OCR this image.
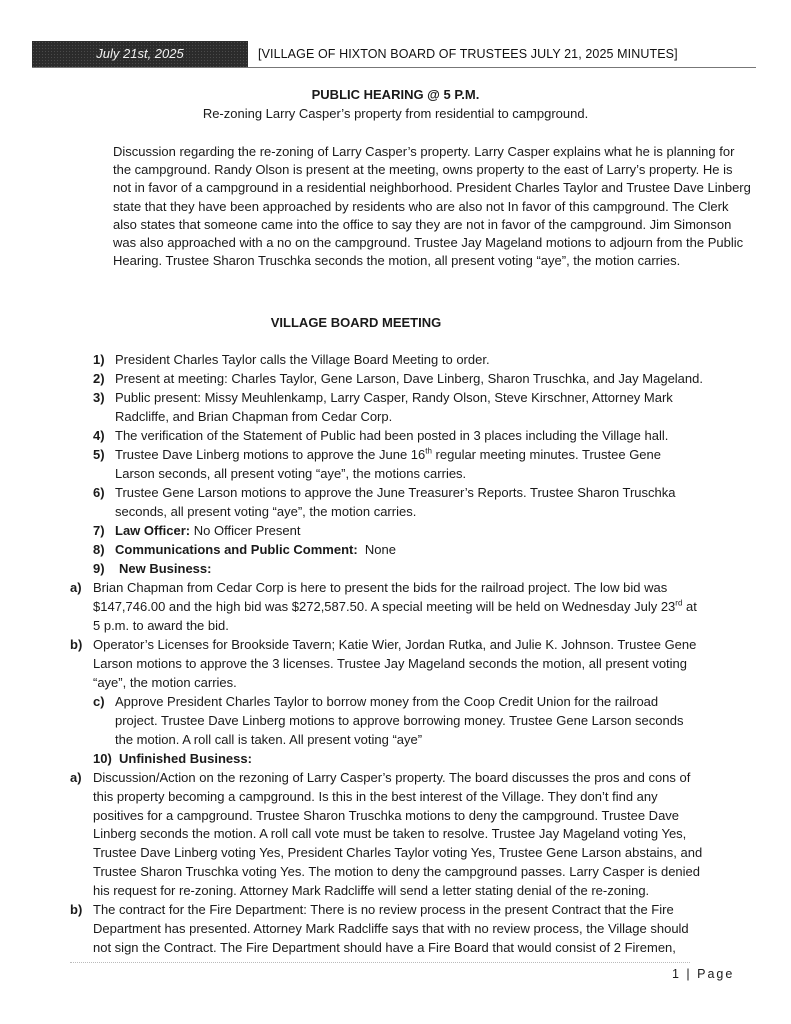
July 21st, 2025	[VILLAGE OF HIXTON BOARD OF TRUSTEES JULY 21, 2025 MINUTES]
PUBLIC HEARING @ 5 P.M.
Re-zoning Larry Casper’s property from residential to campground.
Discussion regarding the re-zoning of Larry Casper’s property. Larry Casper explains what he is planning for the campground. Randy Olson is present at the meeting, owns property to the east of Larry’s property. He is not in favor of a campground in a residential neighborhood. President Charles Taylor and Trustee Dave Linberg state that they have been approached by residents who are also not In favor of this campground. The Clerk also states that someone came into the office to say they are not in favor of the campground. Jim Simonson was also approached with a no on the campground. Trustee Jay Mageland motions to adjourn from the Public Hearing. Trustee Sharon Truschka seconds the motion, all present voting “aye”, the motion carries.
VILLAGE BOARD MEETING
1) President Charles Taylor calls the Village Board Meeting to order.
2) Present at meeting: Charles Taylor, Gene Larson, Dave Linberg, Sharon Truschka, and Jay Mageland.
3) Public present: Missy Meuhlenkamp, Larry Casper, Randy Olson, Steve Kirschner, Attorney Mark
Radcliffe, and Brian Chapman from Cedar Corp.
4) The verification of the Statement of Public had been posted in 3 places including the Village hall.
5) Trustee Dave Linberg motions to approve the June 16th regular meeting minutes. Trustee Gene
Larson seconds, all present voting “aye”, the motions carries.
6) Trustee Gene Larson motions to approve the June Treasurer’s Reports. Trustee Sharon Truschka
seconds, all present voting “aye”, the motion carries.
7) Law Officer: No Officer Present
8) Communications and Public Comment:  None
9) New Business:
a) Brian Chapman from Cedar Corp is here to present the bids for the railroad project. The low bid was
$147,746.00 and the high bid was $272,587.50. A special meeting will be held on Wednesday July 23rd at
5 p.m. to award the bid.
b) Operator’s Licenses for Brookside Tavern; Katie Wier, Jordan Rutka, and Julie K. Johnson. Trustee Gene
Larson motions to approve the 3 licenses. Trustee Jay Mageland seconds the motion, all present voting
“aye”, the motion carries.
c) Approve President Charles Taylor to borrow money from the Coop Credit Union for the railroad
project. Trustee Dave Linberg motions to approve borrowing money. Trustee Gene Larson seconds
the motion. A roll call is taken. All present voting “aye”
10) Unfinished Business:
a) Discussion/Action on the rezoning of Larry Casper’s property. The board discusses the pros and cons of
this property becoming a campground. Is this in the best interest of the Village. They don’t find any
positives for a campground. Trustee Sharon Truschka motions to deny the campground. Trustee Dave
Linberg seconds the motion. A roll call vote must be taken to resolve. Trustee Jay Mageland voting Yes,
Trustee Dave Linberg voting Yes, President Charles Taylor voting Yes, Trustee Gene Larson abstains, and
Trustee Sharon Truschka voting Yes. The motion to deny the campground passes. Larry Casper is denied
his request for re-zoning. Attorney Mark Radcliffe will send a letter stating denial of the re-zoning.
b) The contract for the Fire Department: There is no review process in the present Contract that the Fire
Department has presented. Attorney Mark Radcliffe says that with no review process, the Village should
not sign the Contract. The Fire Department should have a Fire Board that would consist of 2 Firemen,
1 | Page
